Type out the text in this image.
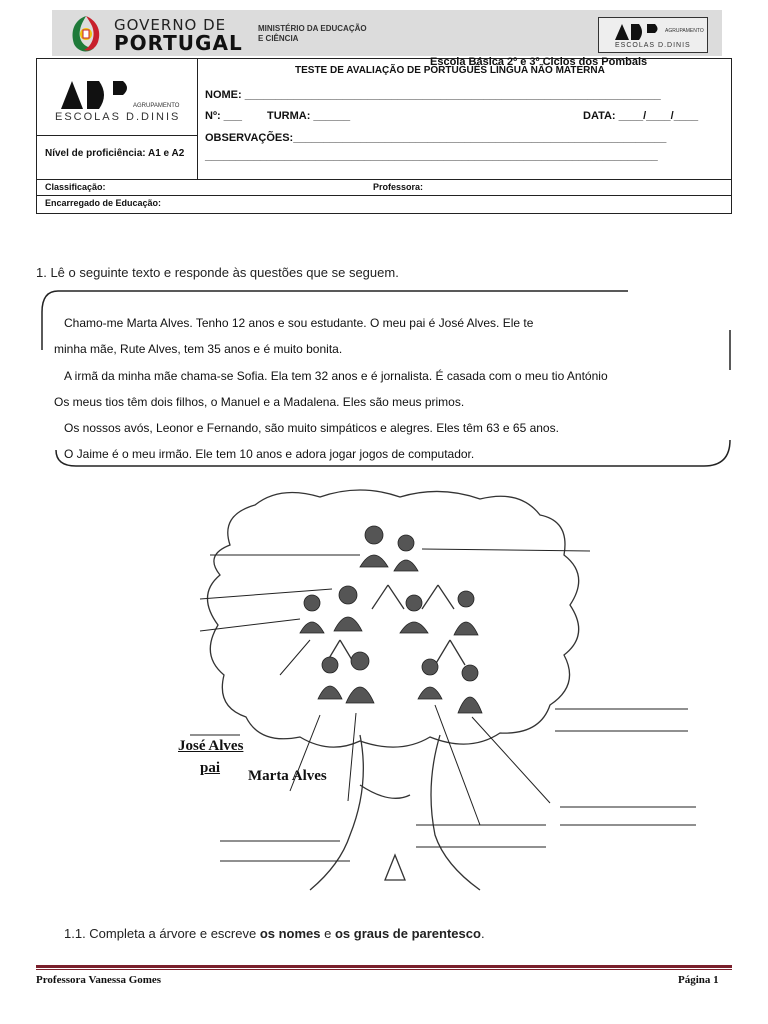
GOVERNO DE
PORTUGAL
MINISTÉRIO DA EDUCAÇÃO
E CIÊNCIA
AGRUPAMENTO
ESCOLAS D.DINIS
AGRUPAMENTO
ESCOLAS D.DINIS
Nível de proficiência: A1 e A2
TESTE DE AVALIAÇÃO DE PORTUGUÊS LÍNGUA NÃO MATERNA
NOME: ____________________________________________________________________
Nº: ___ TURMA: ______	DATA: ____/____/____
OBSERVAÇÕES:_____________________________________________________________
__________________________________________________________________________
Classificação:	Professora:
Encarregado de Educação:
Escola Básica 2º e 3º Ciclos dos Pombais
1. Lê o seguinte texto e responde às questões que se seguem.
Chamo-me Marta Alves. Tenho 12 anos e sou estudante. O meu pai é José Alves. Ele te
minha mãe, Rute Alves, tem 35 anos e é muito bonita.
A irmã da minha mãe chama-se Sofia. Ela tem 32 anos e é jornalista. É casada com o meu tio António
Os meus tios têm dois filhos, o Manuel e a Madalena. Eles são meus primos.
Os nossos avós, Leonor e Fernando, são muito simpáticos e alegres. Eles têm 63 e 65 anos.
O Jaime é o meu irmão. Ele tem 10 anos e adora jogar jogos de computador.
José Alves
pai Marta Alves
1.1. Completa a árvore e escreve os nomes e os graus de parentesco.
Professora Vanessa Gomes	Página 1
